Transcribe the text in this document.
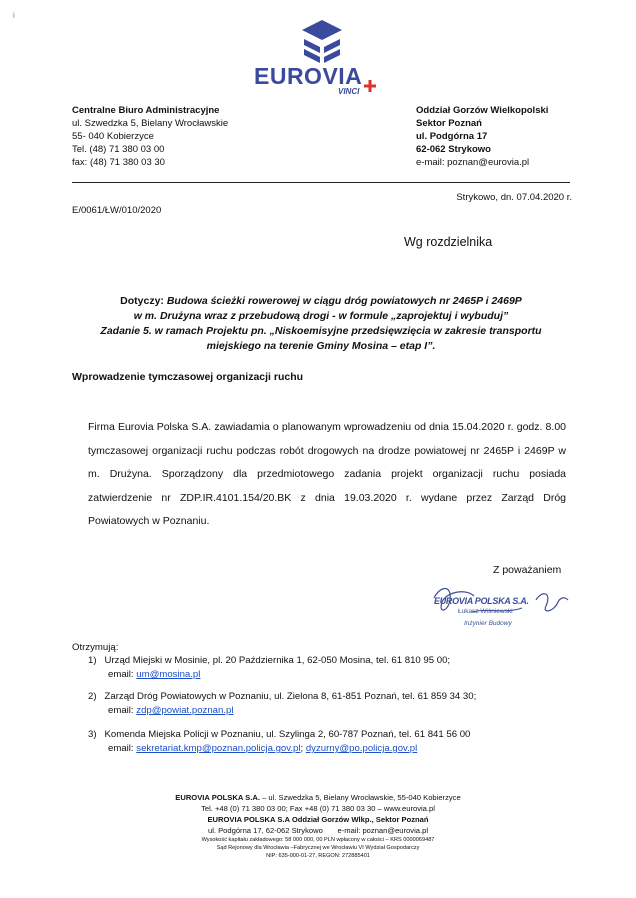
i
EUROVIA
VINCI
Centralne Biuro Administracyjne
ul. Szwedzka 5, Bielany Wrocławskie
55- 040 Kobierzyce
Tel. (48) 71 380 03 00
fax: (48) 71 380 03 30
Oddział Gorzów Wielkopolski
Sektor Poznań
ul. Podgórna 17
62-062 Strykowo
e-mail: poznan@eurovia.pl
Strykowo, dn. 07.04.2020 r.
E/0061/ŁW/010/2020
Wg rozdzielnika
Dotyczy: Budowa ścieżki rowerowej w ciągu dróg powiatowych nr 2465P i 2469P
w m. Drużyna wraz z przebudową drogi - w formule „zaprojektuj i wybuduj”
Zadanie 5. w ramach Projektu pn. „Niskoemisyjne przedsięwzięcia w zakresie transportu
miejskiego na terenie Gminy Mosina – etap I”.
Wprowadzenie tymczasowej organizacji ruchu
Firma Eurovia Polska S.A. zawiadamia o planowanym wprowadzeniu od dnia 15.04.2020 r. godz. 8.00 tymczasowej organizacji ruchu podczas robót drogowych na drodze powiatowej nr 2465P i 2469P w m. Drużyna. Sporządzony dla przedmiotowego zadania projekt organizacji ruchu posiada zatwierdzenie nr ZDP.IR.4101.154/20.BK z dnia 19.03.2020 r. wydane przez Zarząd Dróg Powiatowych w Poznaniu.
Z poważaniem
EUROVIA POLSKA S.A.
Łukasz Wiśniewski
Inżynier Budowy
Otrzymują:
1) Urząd Miejski w Mosinie, pl. 20 Października 1, 62-050 Mosina, tel. 61 810 95 00;
email: um@mosina.pl
2) Zarząd Dróg Powiatowych w Poznaniu, ul. Zielona 8, 61-851 Poznań, tel. 61 859 34 30;
email: zdp@powiat.poznan.pl
3) Komenda Miejska Policji w Poznaniu, ul. Szylinga 2, 60-787 Poznań, tel. 61 841 56 00
email: sekretariat.kmp@poznan.policja.gov.pl; dyzurny@po.policja.gov.pl
EUROVIA POLSKA S.A. – ul. Szwedzka 5, Bielany Wrocławskie, 55-040 Kobierzyce
Tel. +48 (0) 71 380 03 00; Fax +48 (0) 71 380 03 30 – www.eurovia.pl
EUROVIA POLSKA S.A Oddział Gorzów Wlkp., Sektor Poznań
ul. Podgórna 17, 62-062 Strykowo       e-mail: poznan@eurovia.pl
Wysokość kapitału zakładowego: 58 000 000, 00 PLN wpłacony w całości – KRS 0000069487
Sąd Rejonowy dla Wrocławia –Fabrycznej we Wrocławiu VI Wydział Gospodarczy
NIP: 635-000-01-27, REGON: 272885401
